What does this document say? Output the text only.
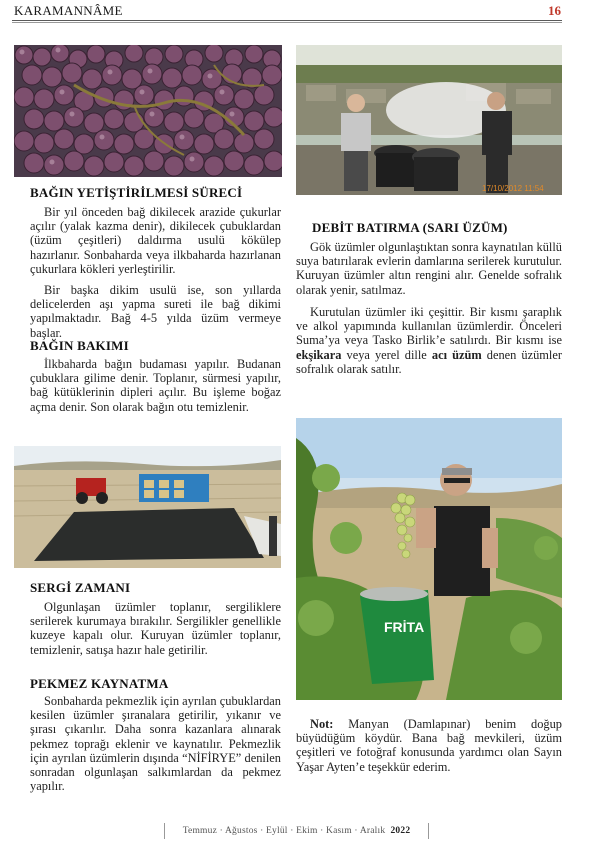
KARAMANNÂME	16
17/10/2012 11:54
BAĞIN YETİŞTİRİLMESİ SÜRECİ

Bir yıl önceden bağ dikilecek arazide çukurlar açılır (yalak kazma denir), dikilecek çubuklardan (üzüm çeşitleri) daldırma usulü kökülер hazırlanır. Sonbaharda veya ilkbaharda hazırlanan çukurlara kökleri yerleştirilir.

Bir başka dikim usulü ise, son yıllarda delicelerden aşı yapma sureti ile bağ dikimi yapılmaktadır. Bağ 4-5 yılda üzüm vermeye başlar.

BAĞIN BAKIMI

İlkbaharda bağın budaması yapılır. Budanan çubuklara gilime denir. Toplanır, sürmesi yapılır, bağ kütüklerinin dipleri açılır. Bu işleme boğaz açma denir. Son olarak bağın otu temizlenir.

SERGİ ZAMANI

Olgunlaşan üzümler toplanır, sergiliklere serilerek kurumaya bırakılır. Sergilikler genellikle kuzeye kapalı olur. Kuruyan üzümler toplanır, temizlenir, satışa hazır hale getirilir.

PEKMEZ KAYNATMA

Sonbaharda pekmezlik için ayrılan çubuklardan kesilen üzümler şıranalara getirilir, yıkanır ve şırası çıkarılır. Daha sonra kazanlara alınarak pekmez toprağı eklenir ve kaynatılır. Pekmezlik için ayrılan üzümlerin dışında “NİFİRYE” denilen sonradan olgunlaşan salkımlardan da pekmez yapılır.

DEBİT BATIRMA (SARI ÜZÜM)

Gök üzümler olgunlaştıktan sonra kaynatılan küllü suya batırılarak evlerin damlarına serilerek kurutulur. Kuruyan üzümler altın rengini alır. Genelde sofralık olarak yenir, satılmaz.

Kurutulan üzümler iki çeşittir. Bir kısmı şaraplık ve alkol yapımında kullanılan üzümlerdir. Önceleri Suma’ya veya Tasko Birlik’e satılırdı. Bir kısmı ise ekşikara veya yerel dille acı üzüm denen üzümler sofralık olarak satılır.

FRİTA

Not: Manyan (Damlapınar) benim doğup büyüdüğüm köydür. Bana bağ mevkileri, üzüm çeşitleri ve fotoğraf konusunda yardımcı olan Sayın Yaşar Ayten’e teşekkür ederim.

Temmuz · Ağustos · Eylül · Ekim · Kasım · Aralık 2022
